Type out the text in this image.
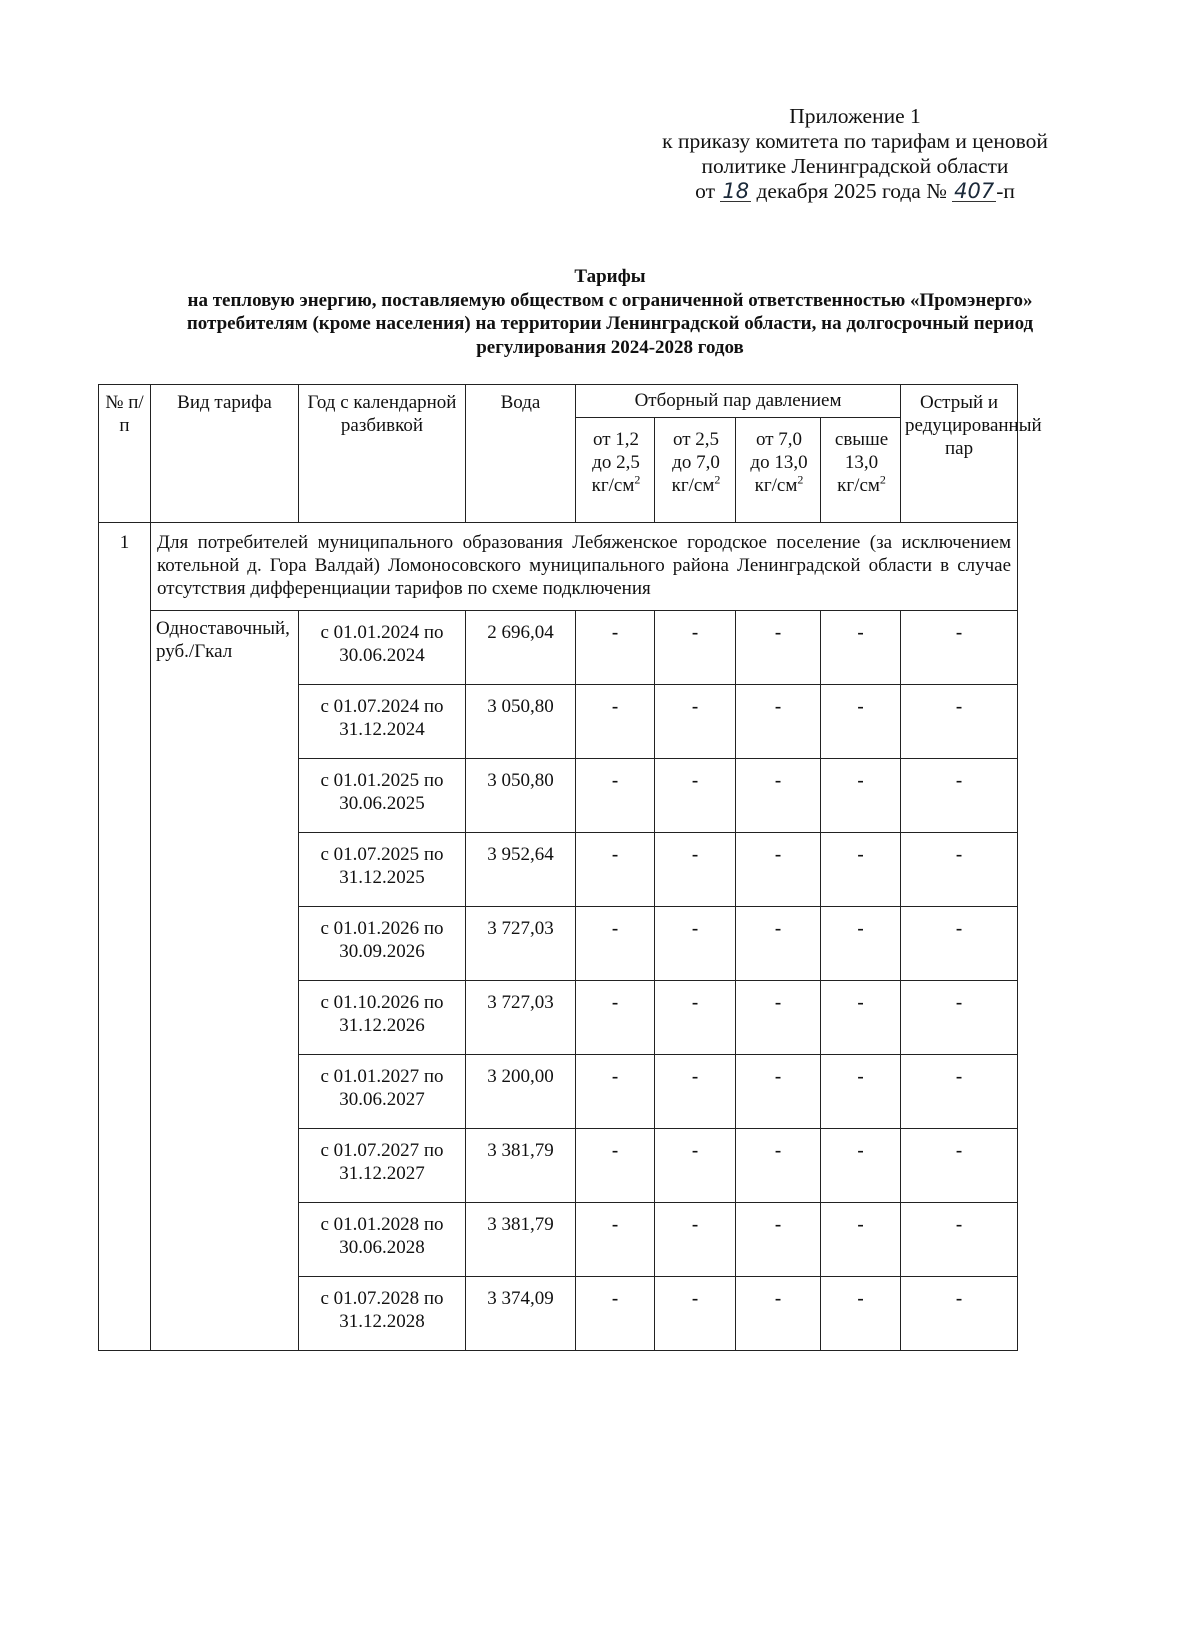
Приложение 1
к приказу комитета по тарифам и ценовой
политике Ленинградской области
от 18 декабря 2025 года № 407-п
Тарифы
на тепловую энергию, поставляемую обществом с ограниченной ответственностью «Промэнерго»
потребителям (кроме населения) на территории Ленинградской области, на долгосрочный период
регулирования 2024-2028 годов
№ п/п	Вид тарифа	Год с календарной разбивкой	Вода	Отборный пар давлением				Острый и редуцированный пар

				от 1,2
до 2,5
$кг/см^2$	от 2,5
до 7,0
$кг/см^2$	от 7,0
до 13,0
$кг/см^2$	свыше
13,0
$кг/см^2$

1	Для потребителей муниципального образования Лебяженское городское поселение (за исключением котельной д. Гора Валдай) Ломоносовского муниципального района Ленинградской области в случае отсутствия дифференциации тарифов по схеме подключения							
	Одноставочный, руб./Гкал	с 01.01.2024 по 30.06.2024	2 696,04	-	-	-	-	-
		с 01.07.2024 по 31.12.2024	3 050,80	-	-	-	-	-
		с 01.01.2025 по 30.06.2025	3 050,80	-	-	-	-	-
		с 01.07.2025 по 31.12.2025	3 952,64	-	-	-	-	-
		с 01.01.2026 по 30.09.2026	3 727,03	-	-	-	-	-
		с 01.10.2026 по 31.12.2026	3 727,03	-	-	-	-	-
		с 01.01.2027 по 30.06.2027	3 200,00	-	-	-	-	-
		с 01.07.2027 по 31.12.2027	3 381,79	-	-	-	-	-
		с 01.01.2028 по 30.06.2028	3 381,79	-	-	-	-	-
		с 01.07.2028 по 31.12.2028	3 374,09	-	-	-	-	-
